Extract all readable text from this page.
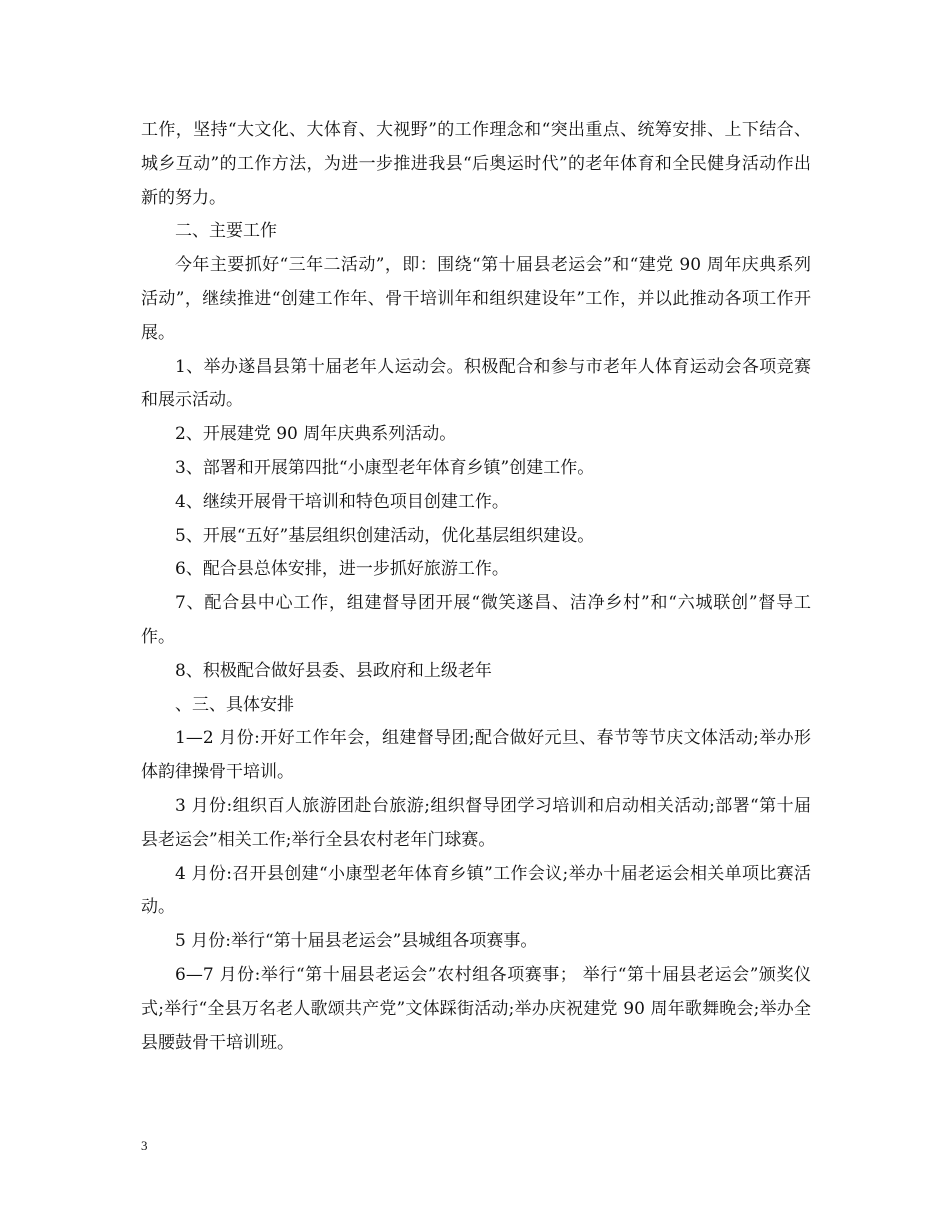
工作，坚持“大文化、大体育、大视野”的工作理念和“突出重点、统筹安排、上下结合、城乡互动”的工作方法，为进一步推进我县“后奥运时代”的老年体育和全民健身活动作出新的努力。

二、主要工作

今年主要抓好“三年二活动”，即：围绕“第十届县老运会”和“建党 90 周年庆典系列活动”，继续推进“创建工作年、骨干培训年和组织建设年”工作，并以此推动各项工作开展。

1、举办遂昌县第十届老年人运动会。积极配合和参与市老年人体育运动会各项竞赛和展示活动。

2、开展建党 90 周年庆典系列活动。

3、部署和开展第四批“小康型老年体育乡镇”创建工作。

4、继续开展骨干培训和特色项目创建工作。

5、开展“五好”基层组织创建活动，优化基层组织建设。

6、配合县总体安排，进一步抓好旅游工作。

7、配合县中心工作，组建督导团开展“微笑遂昌、洁净乡村”和“六城联创”督导工作。

8、积极配合做好县委、县政府和上级老年

、三、具体安排

1—2 月份:开好工作年会，组建督导团;配合做好元旦、春节等节庆文体活动;举办形体韵律操骨干培训。

3 月份:组织百人旅游团赴台旅游;组织督导团学习培训和启动相关活动;部署“第十届县老运会”相关工作;举行全县农村老年门球赛。

4 月份:召开县创建“小康型老年体育乡镇”工作会议;举办十届老运会相关单项比赛活动。

5 月份:举行“第十届县老运会”县城组各项赛事。

6—7 月份:举行“第十届县老运会”农村组各项赛事； 举行“第十届县老运会”颁奖仪式;举行“全县万名老人歌颂共产党”文体踩街活动;举办庆祝建党 90 周年歌舞晚会;举办全县腰鼓骨干培训班。

3
